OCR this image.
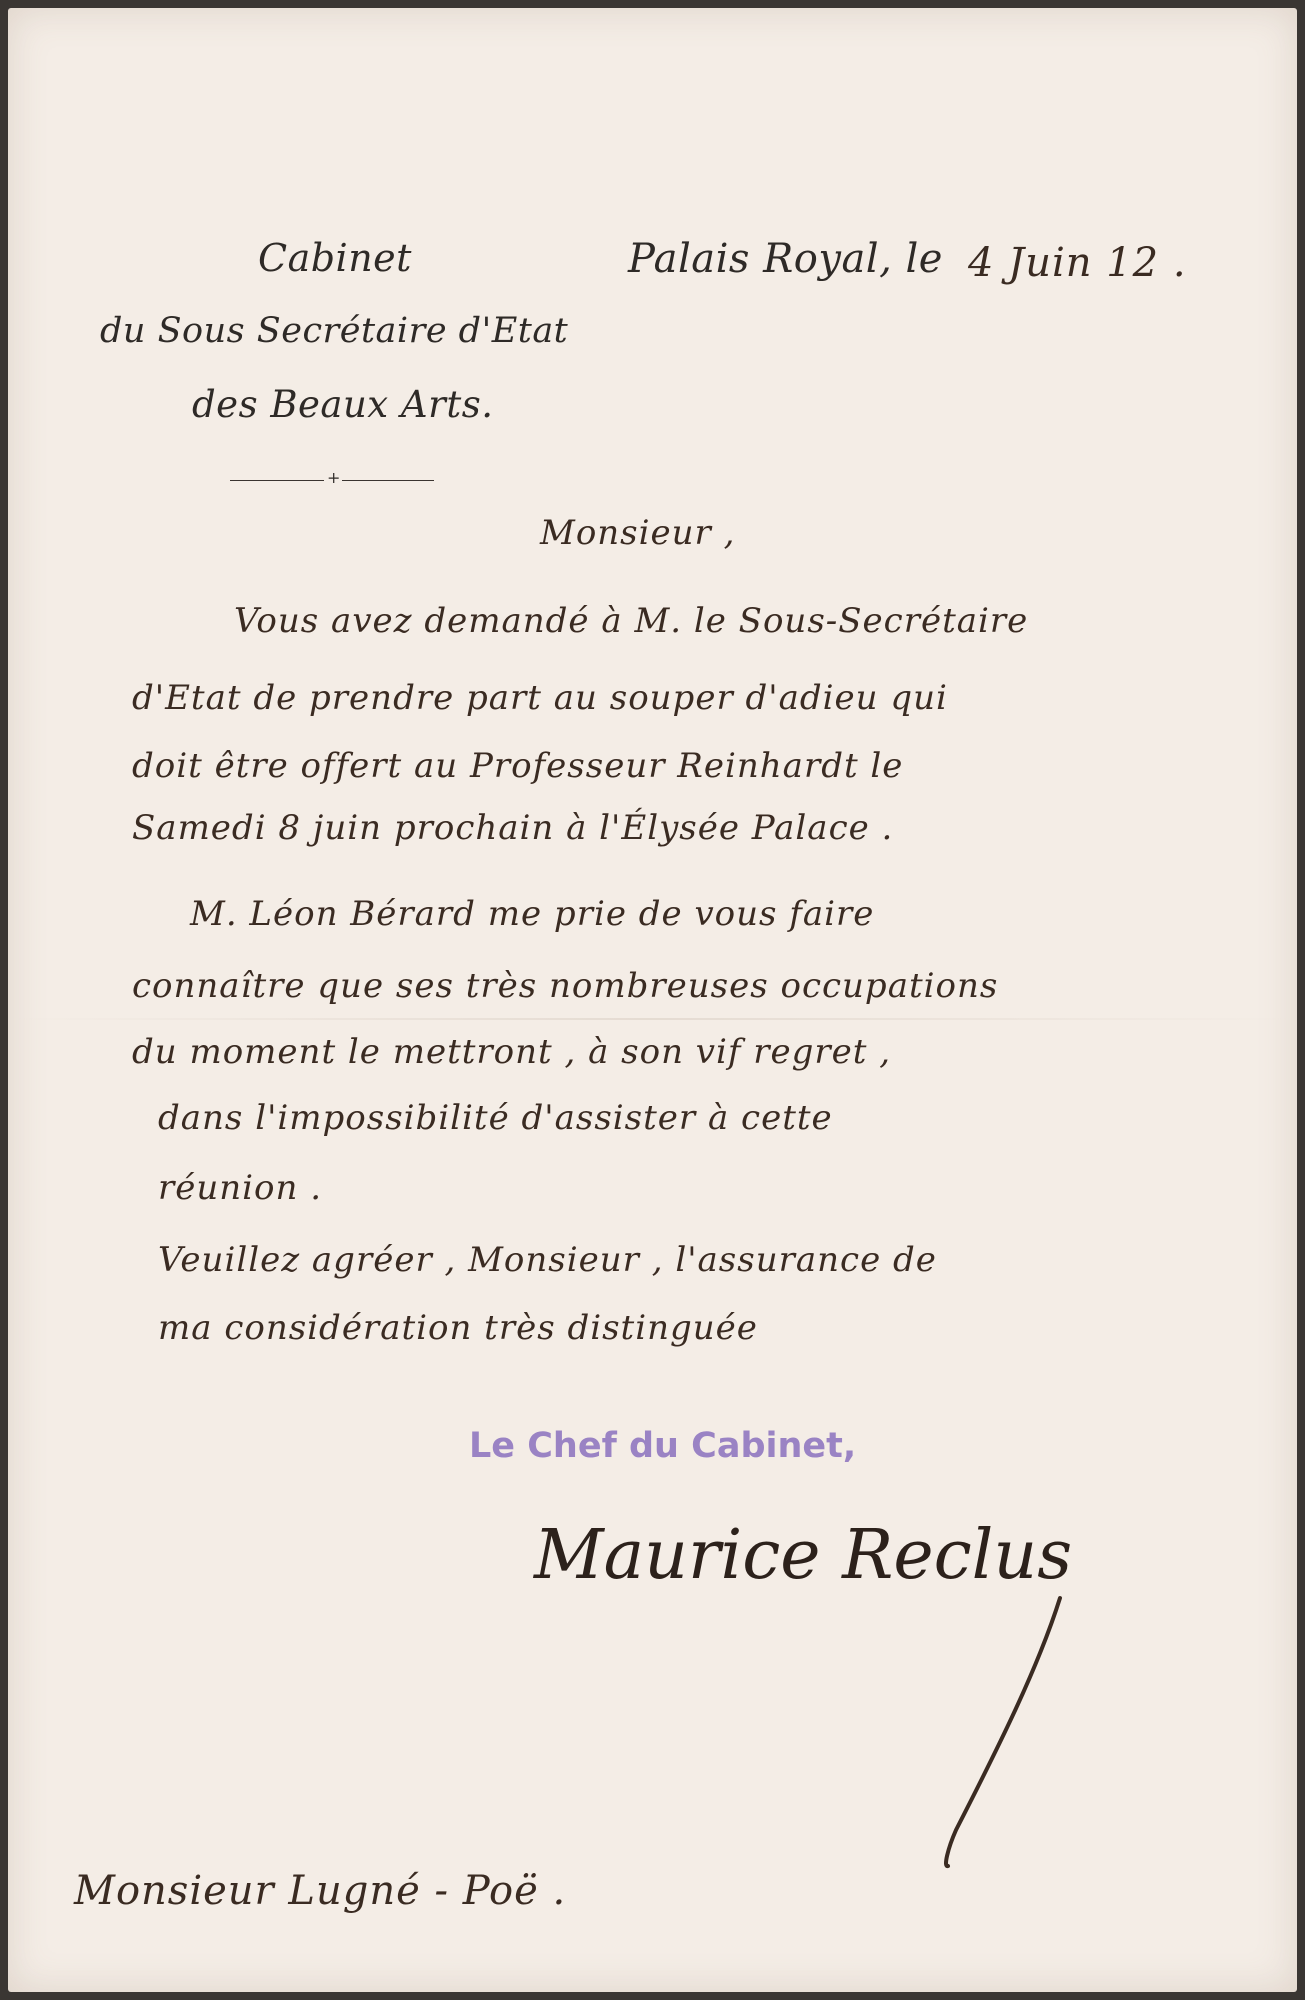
Cabinet
du Sous Secrétaire d'Etat
des Beaux Arts.
+
Palais Royal, le 4 Juin 12 .
Monsieur ,
Vous avez demandé à M. le Sous-Secrétaire
d'Etat de prendre part au souper d'adieu qui
doit être offert au Professeur Reinhardt le
Samedi 8 juin prochain à l'Élysée Palace .
M. Léon Bérard me prie de vous faire
connaître que ses très nombreuses occupations
du moment le mettront , à son vif regret ,
dans l'impossibilité d'assister à cette
réunion .
Veuillez agréer , Monsieur , l'assurance de
ma considération très distinguée
Le Chef du Cabinet,
Maurice Reclus
Monsieur Lugné - Poë .
